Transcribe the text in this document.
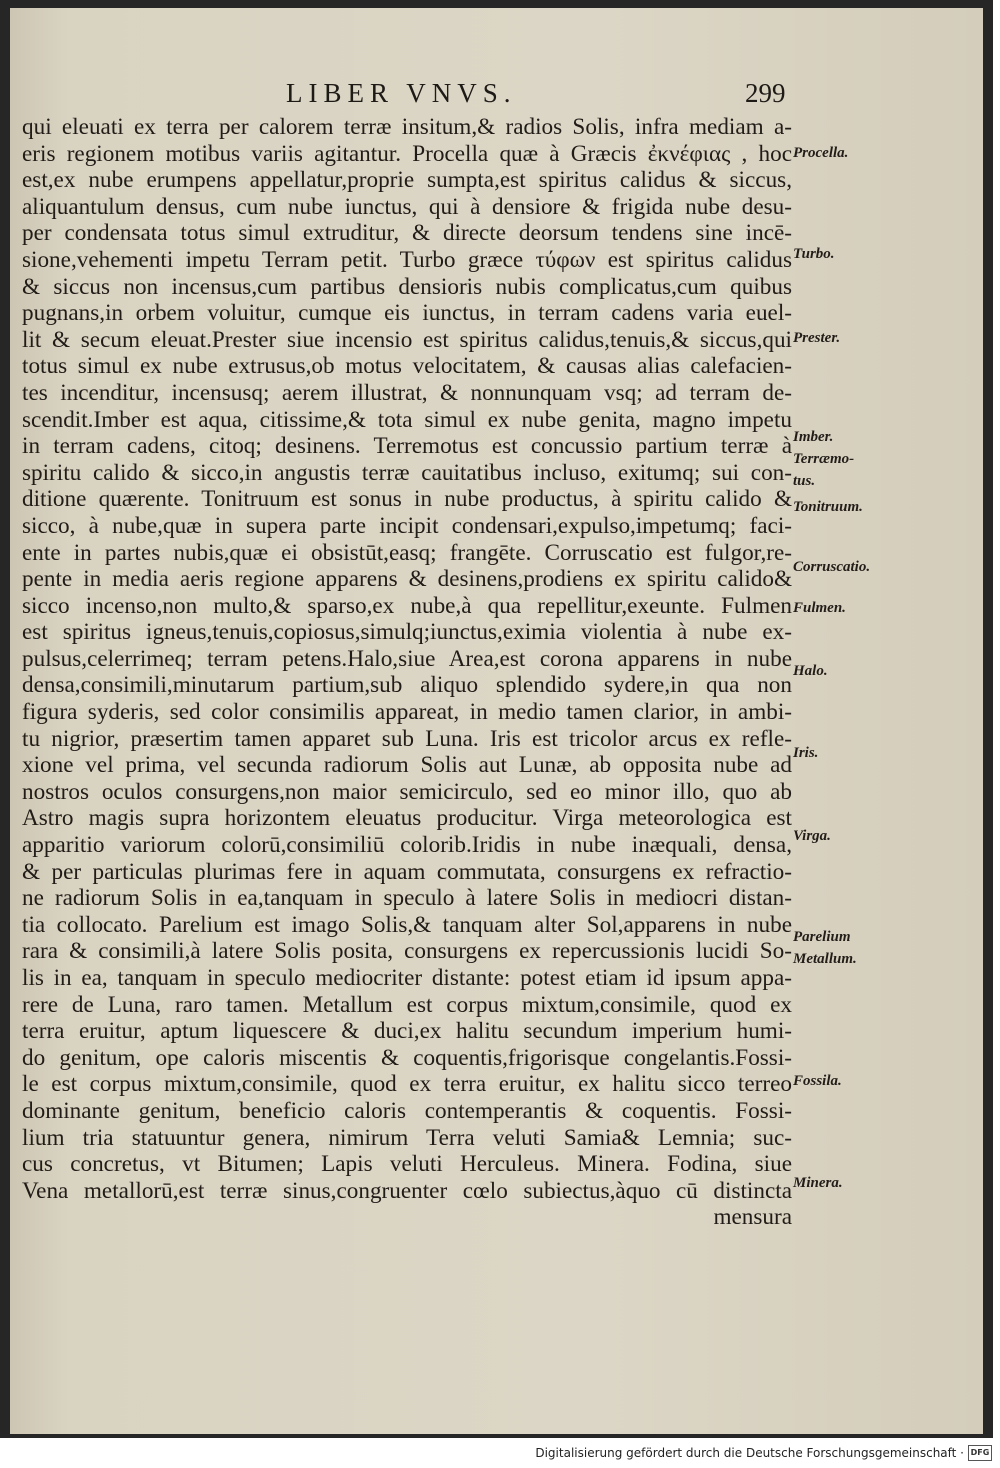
LIBER VNVS.	299
qui eleuati ex terra per calorem terræ insitum,& radios Solis, infra mediam a-
eris regionem motibus variis agitantur. Procella quæ à Græcis ἐκνέφιας , hoc
est,ex nube erumpens appellatur,proprie sumpta,est spiritus calidus & siccus,
aliquantulum densus, cum nube iunctus, qui à densiore & frigida nube desu-
per condensata totus simul extruditur, & directe deorsum tendens sine incē-
sione,vehementi impetu Terram petit. Turbo græce τύφων est spiritus calidus
& siccus non incensus,cum partibus densioris nubis complicatus,cum quibus
pugnans,in orbem voluitur, cumque eis iunctus, in terram cadens varia euel-
lit & secum eleuat.Prester siue incensio est spiritus calidus,tenuis,& siccus,qui
totus simul ex nube extrusus,ob motus velocitatem, & causas alias calefacien-
tes incenditur, incensusq; aerem illustrat, & nonnunquam vsq; ad terram de-
scendit.Imber est aqua, citissime,& tota simul ex nube genita, magno impetu
in terram cadens, citoq; desinens. Terremotus est concussio partium terræ à
spiritu calido & sicco,in angustis terræ cauitatibus incluso, exitumq; sui con-
ditione quærente. Tonitruum est sonus in nube productus, à spiritu calido &
sicco, à nube,quæ in supera parte incipit condensari,expulso,impetumq; faci-
ente in partes nubis,quæ ei obsistūt,easq; frangēte. Corruscatio est fulgor,re-
pente in media aeris regione apparens & desinens,prodiens ex spiritu calido&
sicco incenso,non multo,& sparso,ex nube,à qua repellitur,exeunte. Fulmen
est spiritus igneus,tenuis,copiosus,simulq;iunctus,eximia violentia à nube ex-
pulsus,celerrimeq; terram petens.Halo,siue Area,est corona apparens in nube
densa,consimili,minutarum partium,sub aliquo splendido sydere,in qua non
figura syderis, sed color consimilis appareat, in medio tamen clarior, in ambi-
tu nigrior, præsertim tamen apparet sub Luna. Iris est tricolor arcus ex refle-
xione vel prima, vel secunda radiorum Solis aut Lunæ, ab opposita nube ad
nostros oculos consurgens,non maior semicirculo, sed eo minor illo, quo ab
Astro magis supra horizontem eleuatus producitur. Virga meteorologica est
apparitio variorum colorū,consimiliū colorib.Iridis in nube inæquali, densa,
& per particulas plurimas fere in aquam commutata, consurgens ex refractio-
ne radiorum Solis in ea,tanquam in speculo à latere Solis in mediocri distan-
tia collocato. Parelium est imago Solis,& tanquam alter Sol,apparens in nube
rara & consimili,à latere Solis posita, consurgens ex repercussionis lucidi So-
lis in ea, tanquam in speculo mediocriter distante: potest etiam id ipsum appa-
rere de Luna, raro tamen. Metallum est corpus mixtum,consimile, quod ex
terra eruitur, aptum liquescere & duci,ex halitu secundum imperium humi-
do genitum, ope caloris miscentis & coquentis,frigorisque congelantis.Fossi-
le est corpus mixtum,consimile, quod ex terra eruitur, ex halitu sicco terreo
dominante genitum, beneficio caloris contemperantis & coquentis. Fossi-
lium tria statuuntur genera, nimirum Terra veluti Samia& Lemnia; suc-
cus concretus, vt Bitumen; Lapis veluti Herculeus. Minera. Fodina, siue
Vena metallorū,est terræ sinus,congruenter cœlo subiectus,àquo cū distincta
mensura
Procella.
Turbo.
Prester.
Imber.
Terræmo-
tus.
Tonitruum.
Corruscatio.
Fulmen.
Halo.
Iris.
Virga.
Parelium
Metallum.
Fossila.
Minera.
Digitalisierung gefördert durch die Deutsche Forschungsgemeinschaft · DFG
